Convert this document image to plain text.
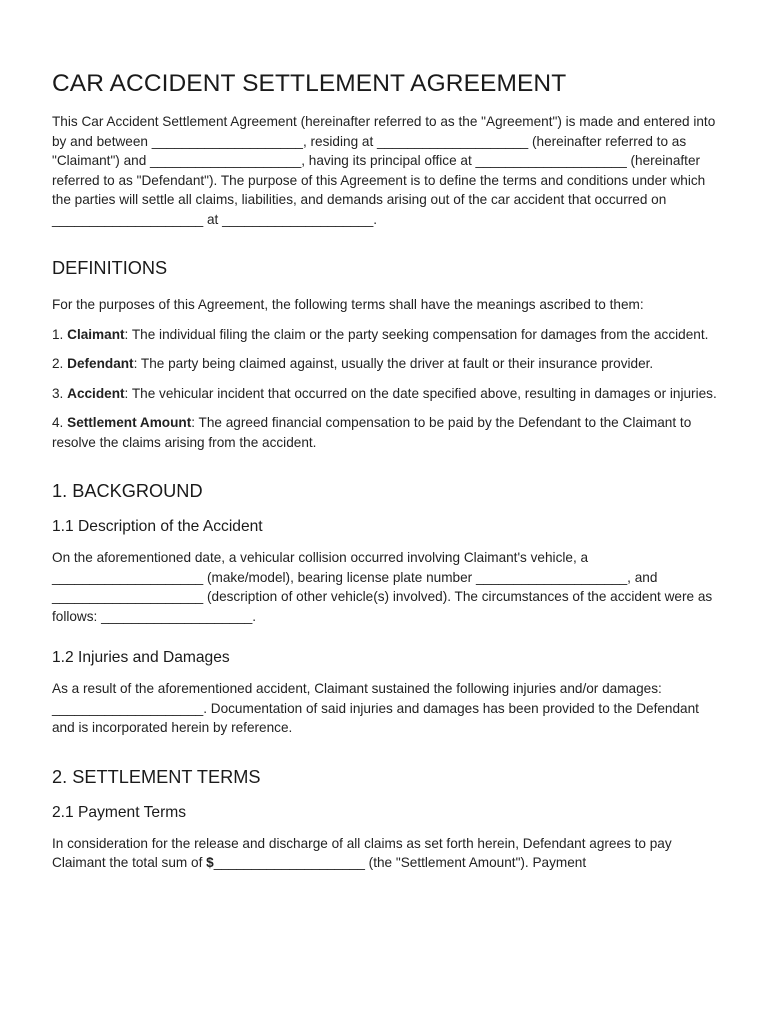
CAR ACCIDENT SETTLEMENT AGREEMENT

This Car Accident Settlement Agreement (hereinafter referred to as the "Agreement") is made and entered into by and between ____________________, residing at ____________________ (hereinafter referred to as "Claimant") and ____________________, having its principal office at ____________________ (hereinafter referred to as "Defendant"). The purpose of this Agreement is to define the terms and conditions under which the parties will settle all claims, liabilities, and demands arising out of the car accident that occurred on ____________________ at ____________________.

DEFINITIONS

For the purposes of this Agreement, the following terms shall have the meanings ascribed to them:

1. Claimant: The individual filing the claim or the party seeking compensation for damages from the accident.

2. Defendant: The party being claimed against, usually the driver at fault or their insurance provider.

3. Accident: The vehicular incident that occurred on the date specified above, resulting in damages or injuries.

4. Settlement Amount: The agreed financial compensation to be paid by the Defendant to the Claimant to resolve the claims arising from the accident.

1. BACKGROUND
1.1 Description of the Accident

On the aforementioned date, a vehicular collision occurred involving Claimant's vehicle, a ____________________ (make/model), bearing license plate number ____________________, and ____________________ (description of other vehicle(s) involved). The circumstances of the accident were as follows: ____________________.

1.2 Injuries and Damages

As a result of the aforementioned accident, Claimant sustained the following injuries and/or damages: ____________________. Documentation of said injuries and damages has been provided to the Defendant and is incorporated herein by reference.

2. SETTLEMENT TERMS
2.1 Payment Terms

In consideration for the release and discharge of all claims as set forth herein, Defendant agrees to pay Claimant the total sum of $____________________ (the "Settlement Amount"). Payment
